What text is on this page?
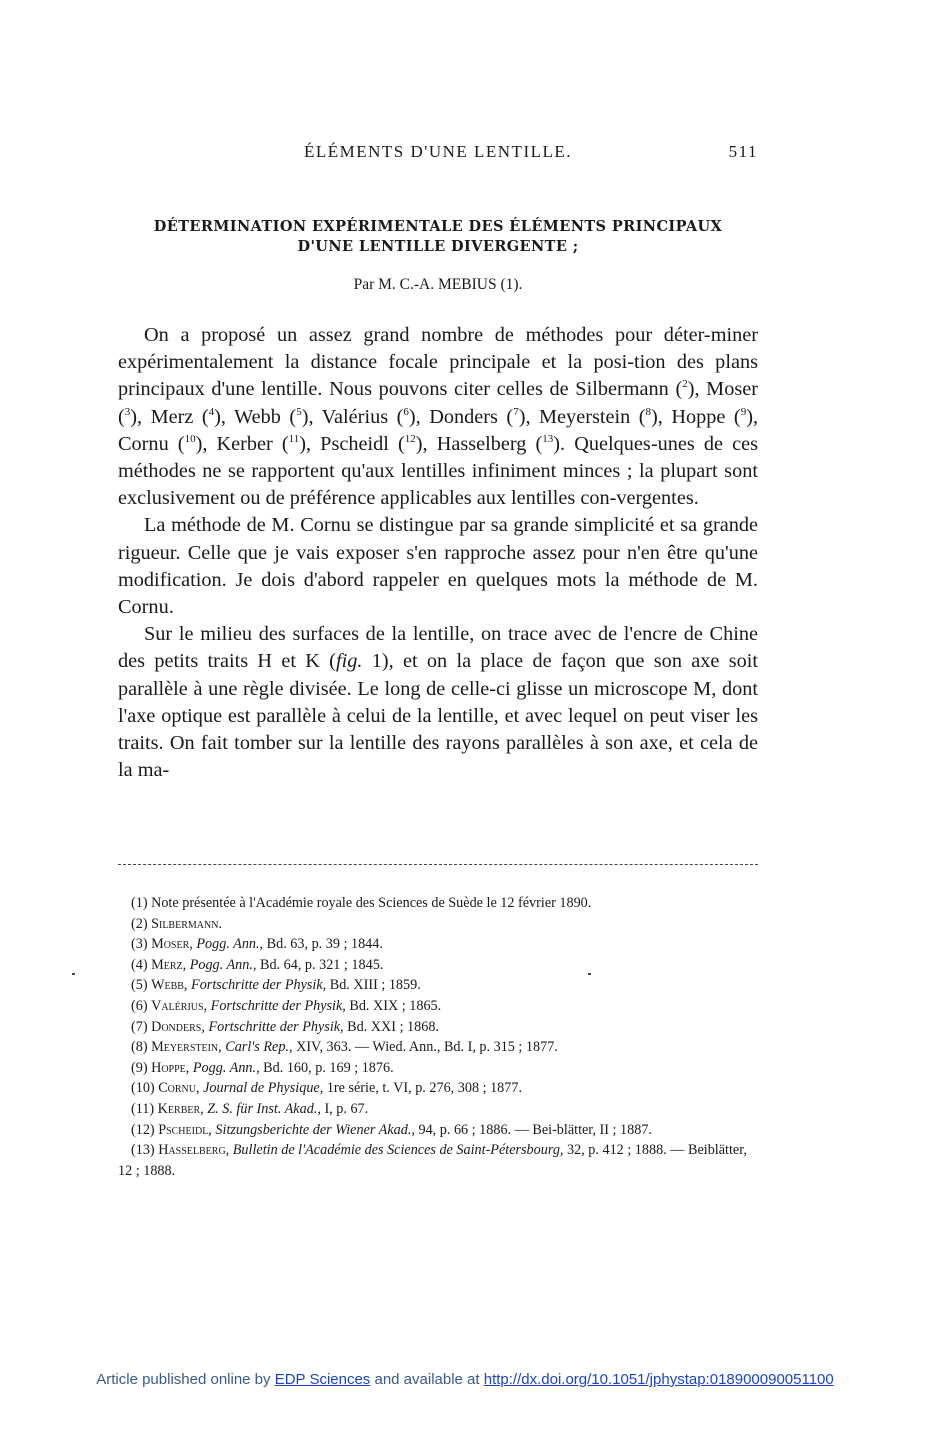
ÉLÉMENTS D'UNE LENTILLE.	511
DÉTERMINATION EXPÉRIMENTALE DES ÉLÉMENTS PRINCIPAUX
D'UNE LENTILLE DIVERGENTE ;
Par M. C.-A. MEBIUS (1).

On a proposé un assez grand nombre de méthodes pour déter-miner expérimentalement la distance focale principale et la posi-tion des plans principaux d'une lentille. Nous pouvons citer celles de Silbermann ($^2$), Moser ($^3$), Merz ($^4$), Webb ($^5$), Valérius ($^6$), Donders ($^7$), Meyerstein ($^8$), Hoppe ($^9$), Cornu ($^{10}$), Kerber ($^{11}$), Pscheidl ($^{12}$), Hasselberg ($^{13}$). Quelques-unes de ces méthodes ne se rapportent qu'aux lentilles infiniment minces ; la plupart sont exclusivement ou de préférence applicables aux lentilles con-vergentes.

La méthode de M. Cornu se distingue par sa grande simplicité et sa grande rigueur. Celle que je vais exposer s'en rapproche assez pour n'en être qu'une modification. Je dois d'abord rappeler en quelques mots la méthode de M. Cornu.

Sur le milieu des surfaces de la lentille, on trace avec de l'encre de Chine des petits traits H et K (fig. 1), et on la place de façon que son axe soit parallèle à une règle divisée. Le long de celle-ci glisse un microscope M, dont l'axe optique est parallèle à celui de la lentille, et avec lequel on peut viser les traits. On fait tomber sur la lentille des rayons parallèles à son axe, et cela de la ma-

(1) Note présentée à l'Académie royale des Sciences de Suède le 12 février 1890.

(2) Silbermann.

(3) Moser, Pogg. Ann., Bd. 63, p. 39 ; 1844.

(4) Merz, Pogg. Ann., Bd. 64, p. 321 ; 1845.

(5) Webb, Fortschritte der Physik, Bd. XIII ; 1859.

(6) Valérius, Fortschritte der Physik, Bd. XIX ; 1865.

(7) Donders, Fortschritte der Physik, Bd. XXI ; 1868.

(8) Meyerstein, Carl's Rep., XIV, 363. — Wied. Ann., Bd. I, p. 315 ; 1877.

(9) Hoppe, Pogg. Ann., Bd. 160, p. 169 ; 1876.

(10) Cornu, Journal de Physique, 1re série, t. VI, p. 276, 308 ; 1877.

(11) Kerber, Z. S. für Inst. Akad., I, p. 67.

(12) Pscheidl, Sitzungsberichte der Wiener Akad., 94, p. 66 ; 1886. — Bei-blätter, II ; 1887.

(13) Hasselberg, Bulletin de l'Académie des Sciences de Saint-Pétersbourg, 32, p. 412 ; 1888. — Beiblätter, 12 ; 1888.

Article published online by EDP Sciences and available at http://dx.doi.org/10.1051/jphystap:018900090051100
